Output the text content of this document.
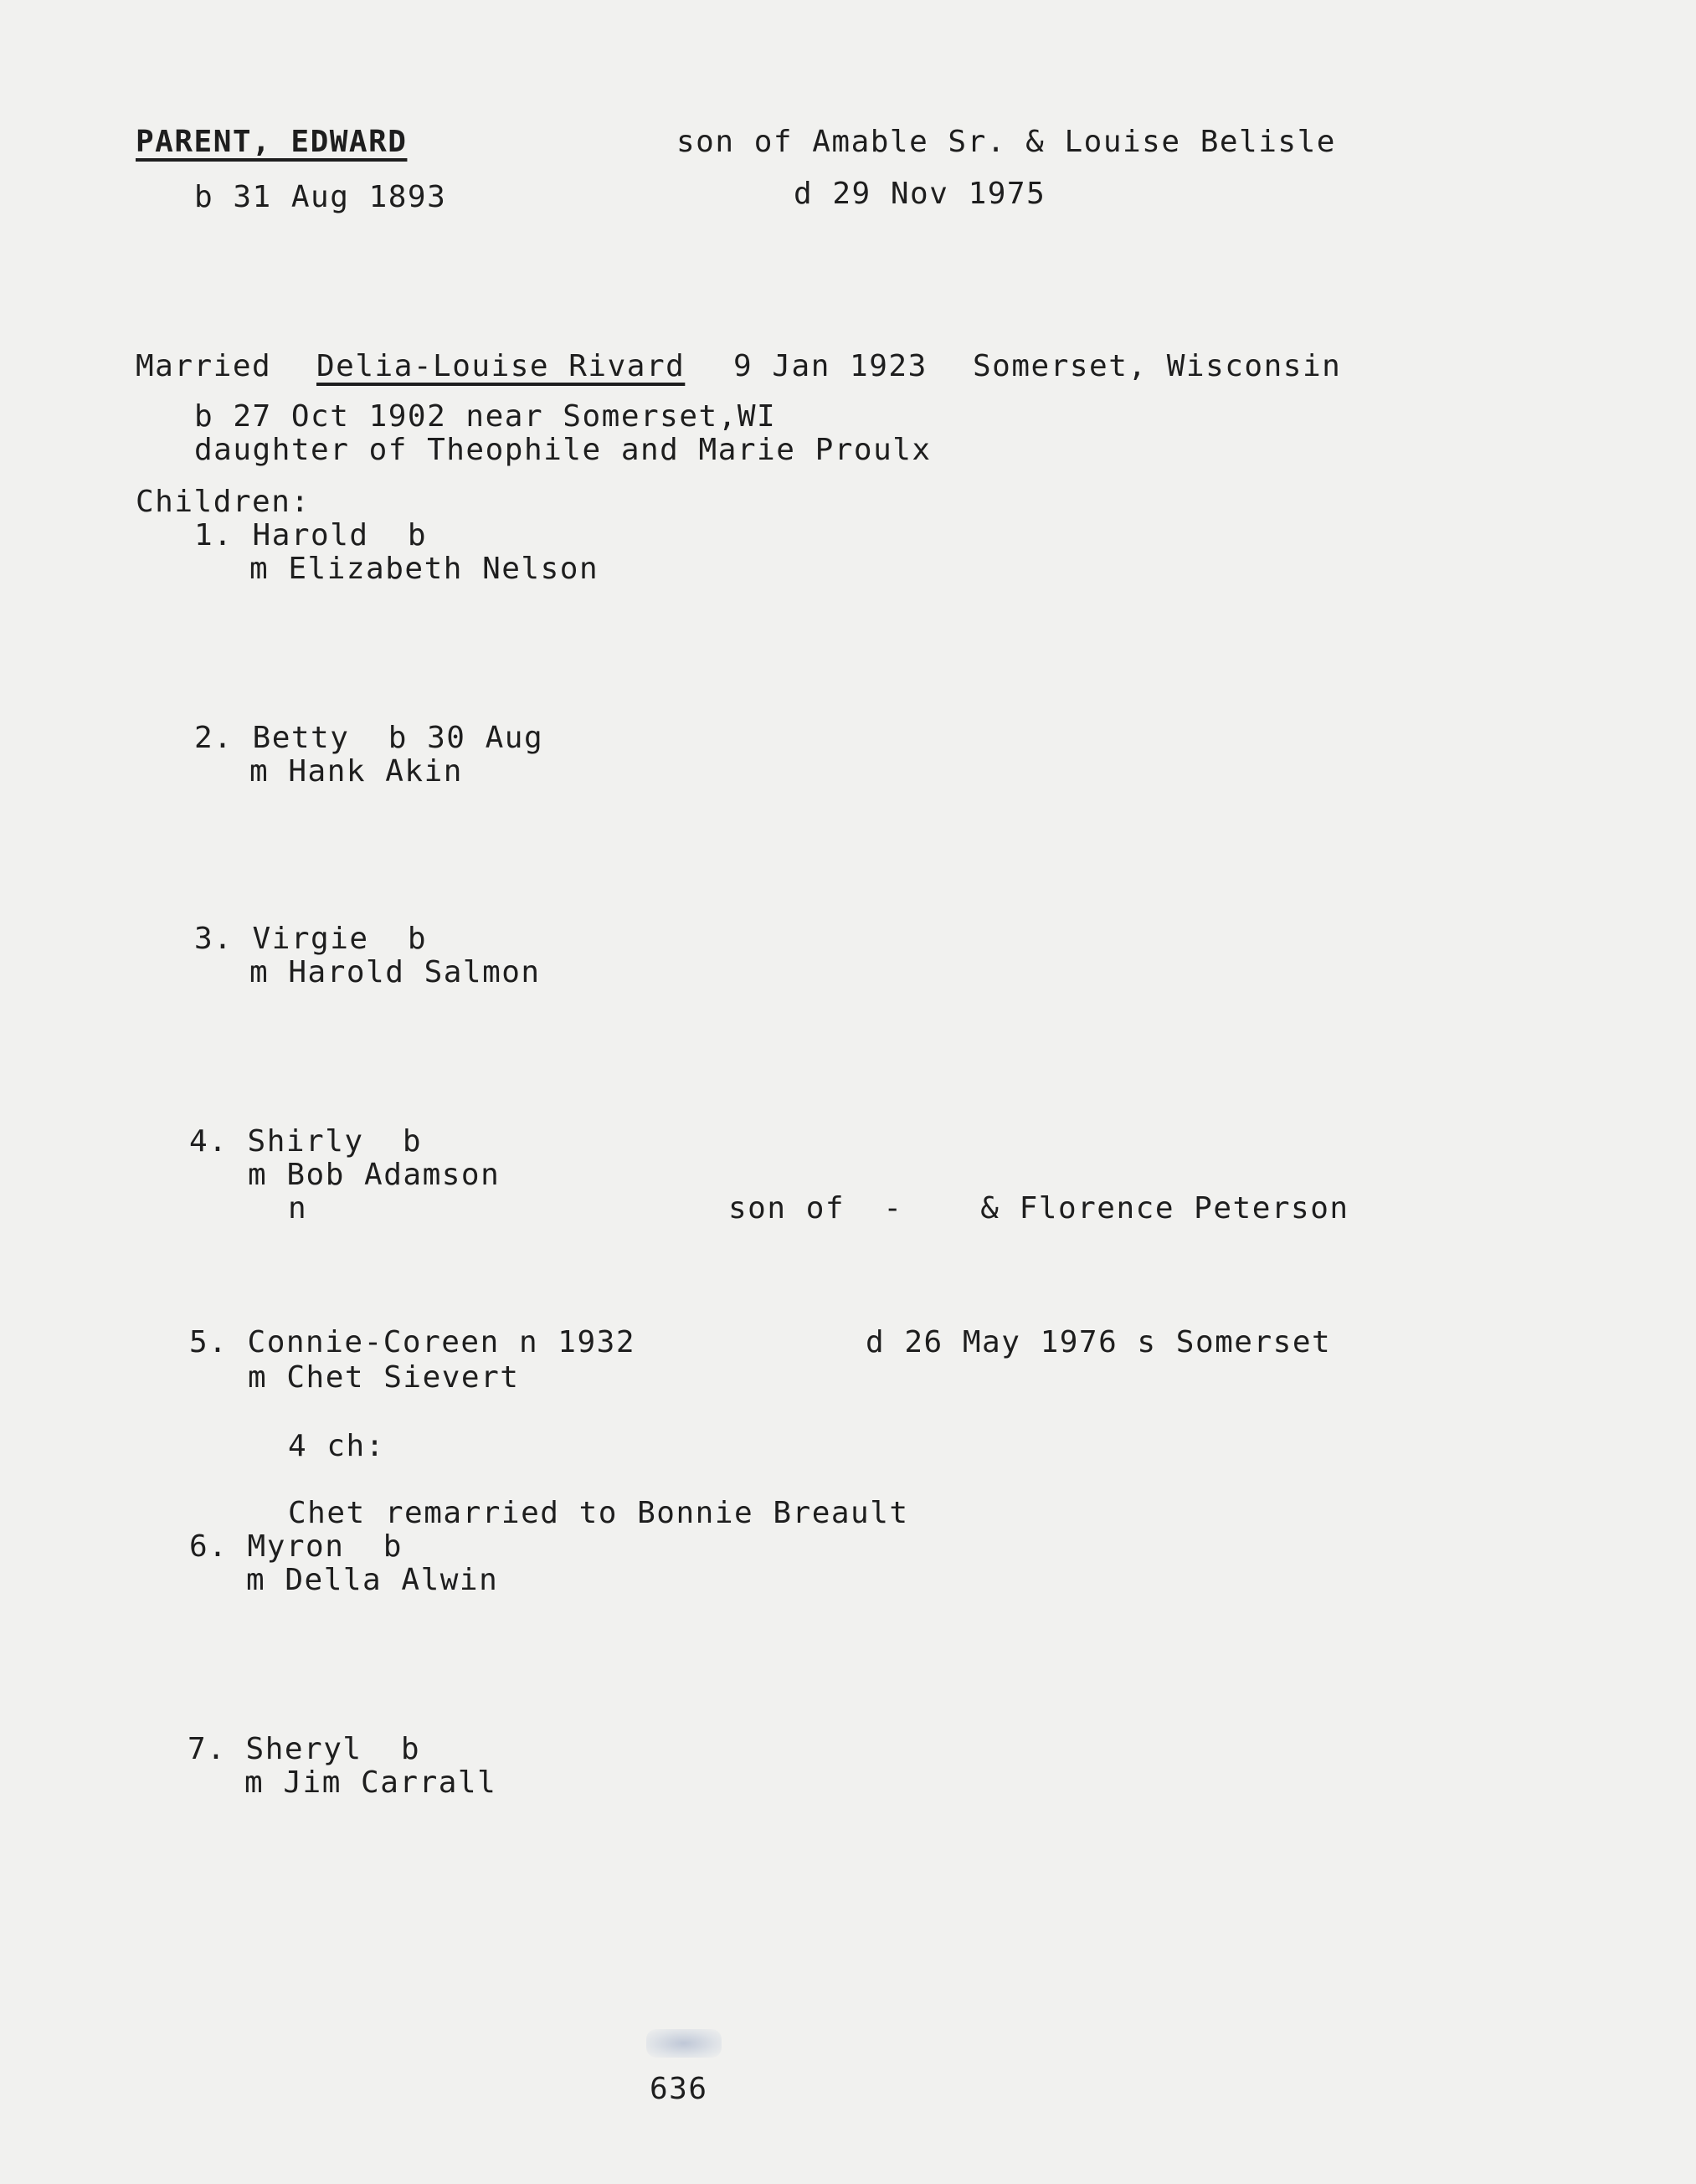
PARENT, EDWARD	son of Amable Sr. & Louise Belisle
b 31 Aug 1893	d 29 Nov 1975
Married Delia-Louise Rivard 9 Jan 1923 Somerset, Wisconsin
b 27 Oct 1902 near Somerset,WI
daughter of Theophile and Marie Proulx
Children:
1. Harold  b
m Elizabeth Nelson
2. Betty  b 30 Aug
m Hank Akin
3. Virgie  b
m Harold Salmon
4. Shirly  b
m Bob Adamson
n	son of  -    & Florence Peterson
5. Connie-Coreen n 1932	d 26 May 1976 s Somerset
m Chet Sievert
4 ch:
Chet remarried to Bonnie Breault
6. Myron  b
m Della Alwin
7. Sheryl  b
m Jim Carrall
636
